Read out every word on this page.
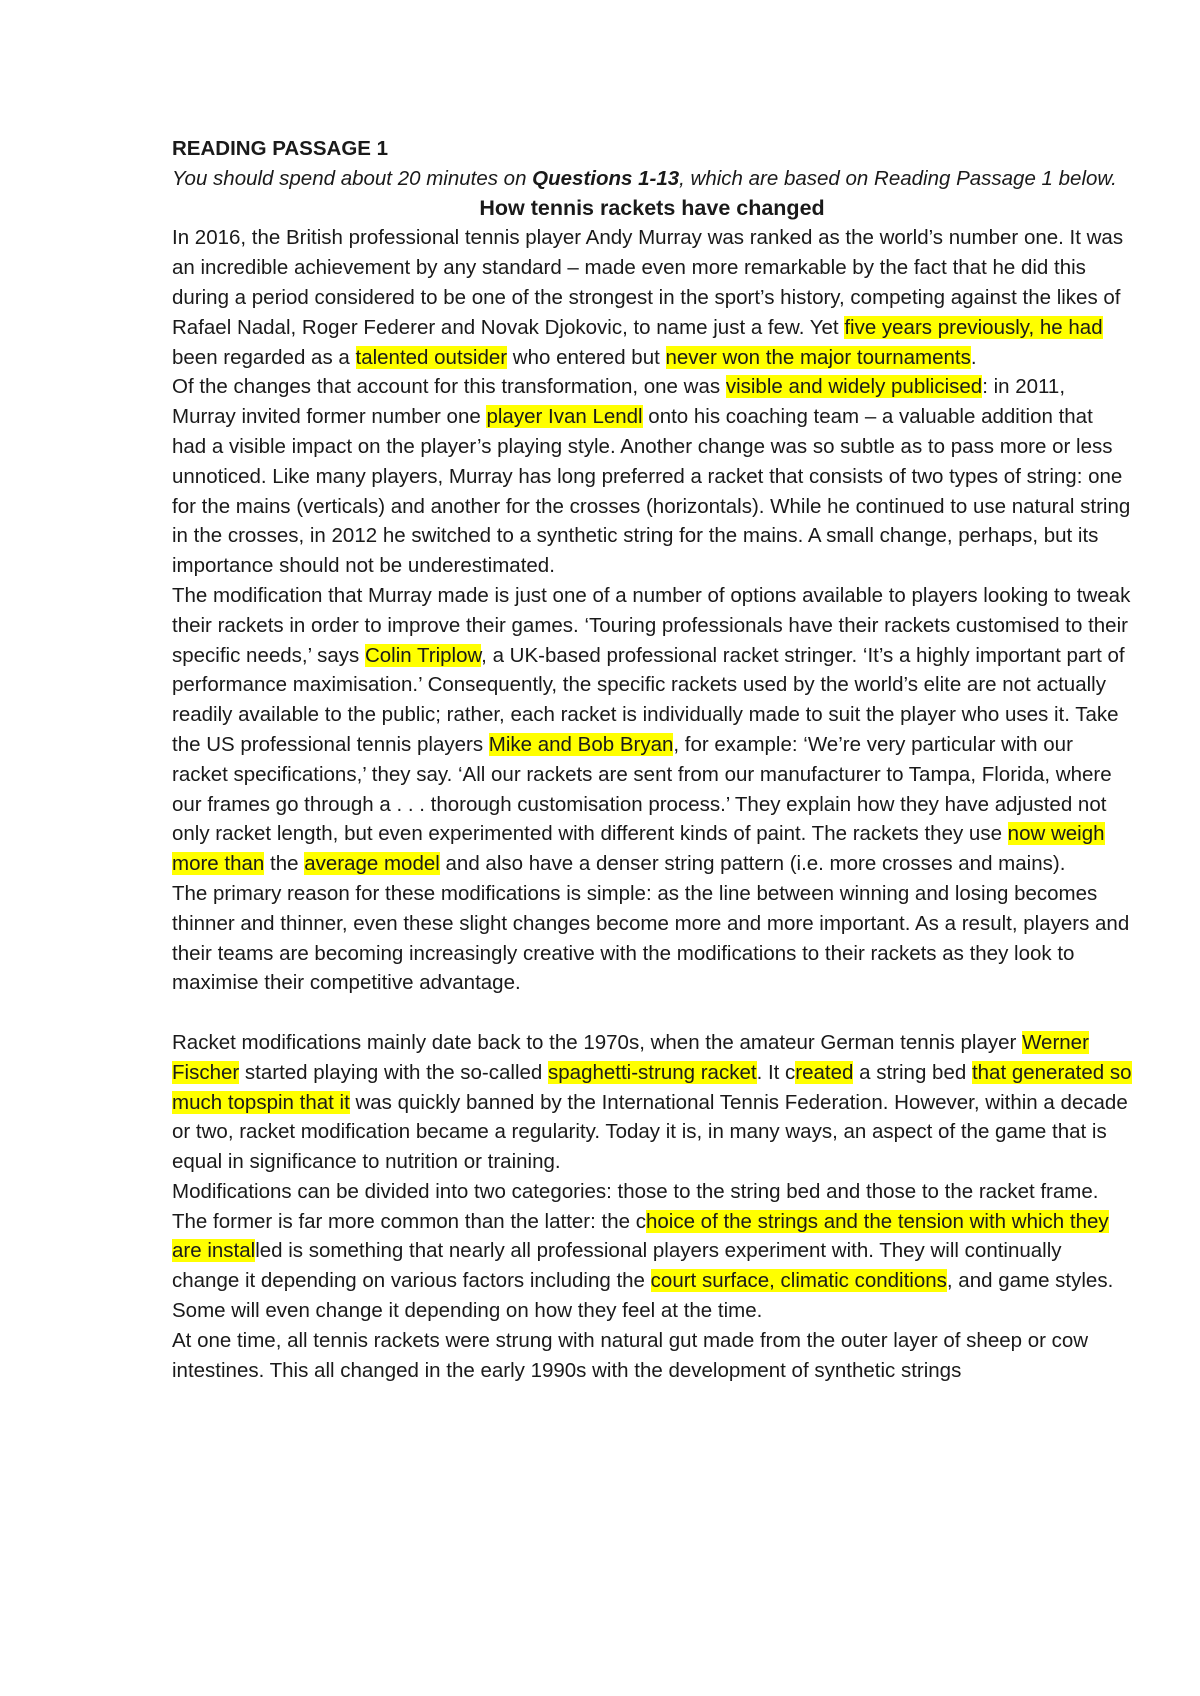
READING PASSAGE 1
You should spend about 20 minutes on Questions 1-13, which are based on Reading Passage 1 below.
How tennis rackets have changed

In 2016, the British professional tennis player Andy Murray was ranked as the world’s number one. It was an incredible achievement by any standard – made even more remarkable by the fact that he did this during a period considered to be one of the strongest in the sport’s history, competing against the likes of Rafael Nadal, Roger Federer and Novak Djokovic, to name just a few. Yet five years previously, he had been regarded as a talented outsider who entered but never won the major tournaments.

Of the changes that account for this transformation, one was visible and widely publicised: in 2011, Murray invited former number one player Ivan Lendl onto his coaching team – a valuable addition that had a visible impact on the player’s playing style. Another change was so subtle as to pass more or less unnoticed. Like many players, Murray has long preferred a racket that consists of two types of string: one for the mains (verticals) and another for the crosses (horizontals). While he continued to use natural string in the crosses, in 2012 he switched to a synthetic string for the mains. A small change, perhaps, but its importance should not be underestimated.

The modification that Murray made is just one of a number of options available to players looking to tweak their rackets in order to improve their games. ‘Touring professionals have their rackets customised to their specific needs,’ says Colin Triplow, a UK-based professional racket stringer. ‘It’s a highly important part of performance maximisation.’ Consequently, the specific rackets used by the world’s elite are not actually readily available to the public; rather, each racket is individually made to suit the player who uses it. Take the US professional tennis players Mike and Bob Bryan, for example: ‘We’re very particular with our racket specifications,’ they say. ‘All our rackets are sent from our manufacturer to Tampa, Florida, where our frames go through a . . . thorough customisation process.’ They explain how they have adjusted not only racket length, but even experimented with different kinds of paint. The rackets they use now weigh more than the average model and also have a denser string pattern (i.e. more crosses and mains).

The primary reason for these modifications is simple: as the line between winning and losing becomes thinner and thinner, even these slight changes become more and more important. As a result, players and their teams are becoming increasingly creative with the modifications to their rackets as they look to maximise their competitive advantage.

Racket modifications mainly date back to the 1970s, when the amateur German tennis player Werner Fischer started playing with the so-called spaghetti-strung racket. It created a string bed that generated so much topspin that it was quickly banned by the International Tennis Federation. However, within a decade or two, racket modification became a regularity. Today it is, in many ways, an aspect of the game that is equal in significance to nutrition or training.

Modifications can be divided into two categories: those to the string bed and those to the racket frame. The former is far more common than the latter: the choice of the strings and the tension with which they are installed is something that nearly all professional players experiment with. They will continually change it depending on various factors including the court surface, climatic conditions, and game styles. Some will even change it depending on how they feel at the time.

At one time, all tennis rackets were strung with natural gut made from the outer layer of sheep or cow intestines. This all changed in the early 1990s with the development of synthetic strings
